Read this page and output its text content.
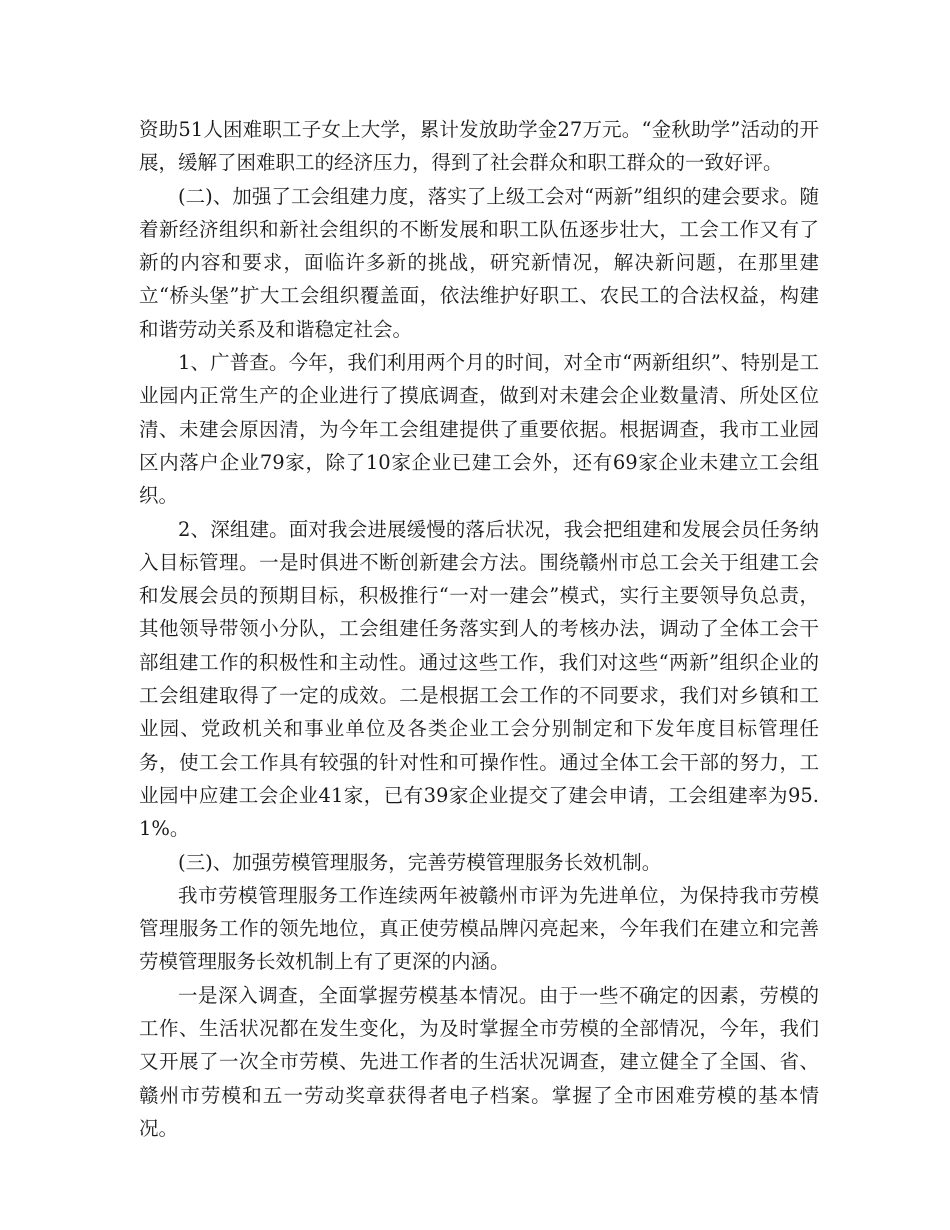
资助51人困难职工子女上大学，累计发放助学金27万元。“金秋助学”活动的开展，缓解了困难职工的经济压力，得到了社会群众和职工群众的一致好评。

(二)、加强了工会组建力度，落实了上级工会对“两新”组织的建会要求。随着新经济组织和新社会组织的不断发展和职工队伍逐步壮大，工会工作又有了新的内容和要求，面临许多新的挑战，研究新情况，解决新问题，在那里建立“桥头堡”扩大工会组织覆盖面，依法维护好职工、农民工的合法权益，构建和谐劳动关系及和谐稳定社会。

1、广普查。今年，我们利用两个月的时间，对全市“两新组织”、特别是工业园内正常生产的企业进行了摸底调查，做到对未建会企业数量清、所处区位清、未建会原因清，为今年工会组建提供了重要依据。根据调查，我市工业园区内落户企业79家，除了10家企业已建工会外，还有69家企业未建立工会组织。

2、深组建。面对我会进展缓慢的落后状况，我会把组建和发展会员任务纳入目标管理。一是时俱进不断创新建会方法。围绕赣州市总工会关于组建工会和发展会员的预期目标，积极推行“一对一建会”模式，实行主要领导负总责，其他领导带领小分队，工会组建任务落实到人的考核办法，调动了全体工会干部组建工作的积极性和主动性。通过这些工作，我们对这些“两新”组织企业的工会组建取得了一定的成效。二是根据工会工作的不同要求，我们对乡镇和工业园、党政机关和事业单位及各类企业工会分别制定和下发年度目标管理任务，使工会工作具有较强的针对性和可操作性。通过全体工会干部的努力，工业园中应建工会企业41家，已有39家企业提交了建会申请，工会组建率为95.1%。

(三)、加强劳模管理服务，完善劳模管理服务长效机制。

我市劳模管理服务工作连续两年被赣州市评为先进单位，为保持我市劳模管理服务工作的领先地位，真正使劳模品牌闪亮起来，今年我们在建立和完善劳模管理服务长效机制上有了更深的内涵。

一是深入调查，全面掌握劳模基本情况。由于一些不确定的因素，劳模的工作、生活状况都在发生变化，为及时掌握全市劳模的全部情况，今年，我们又开展了一次全市劳模、先进工作者的生活状况调查，建立健全了全国、省、赣州市劳模和五一劳动奖章获得者电子档案。掌握了全市困难劳模的基本情况。
